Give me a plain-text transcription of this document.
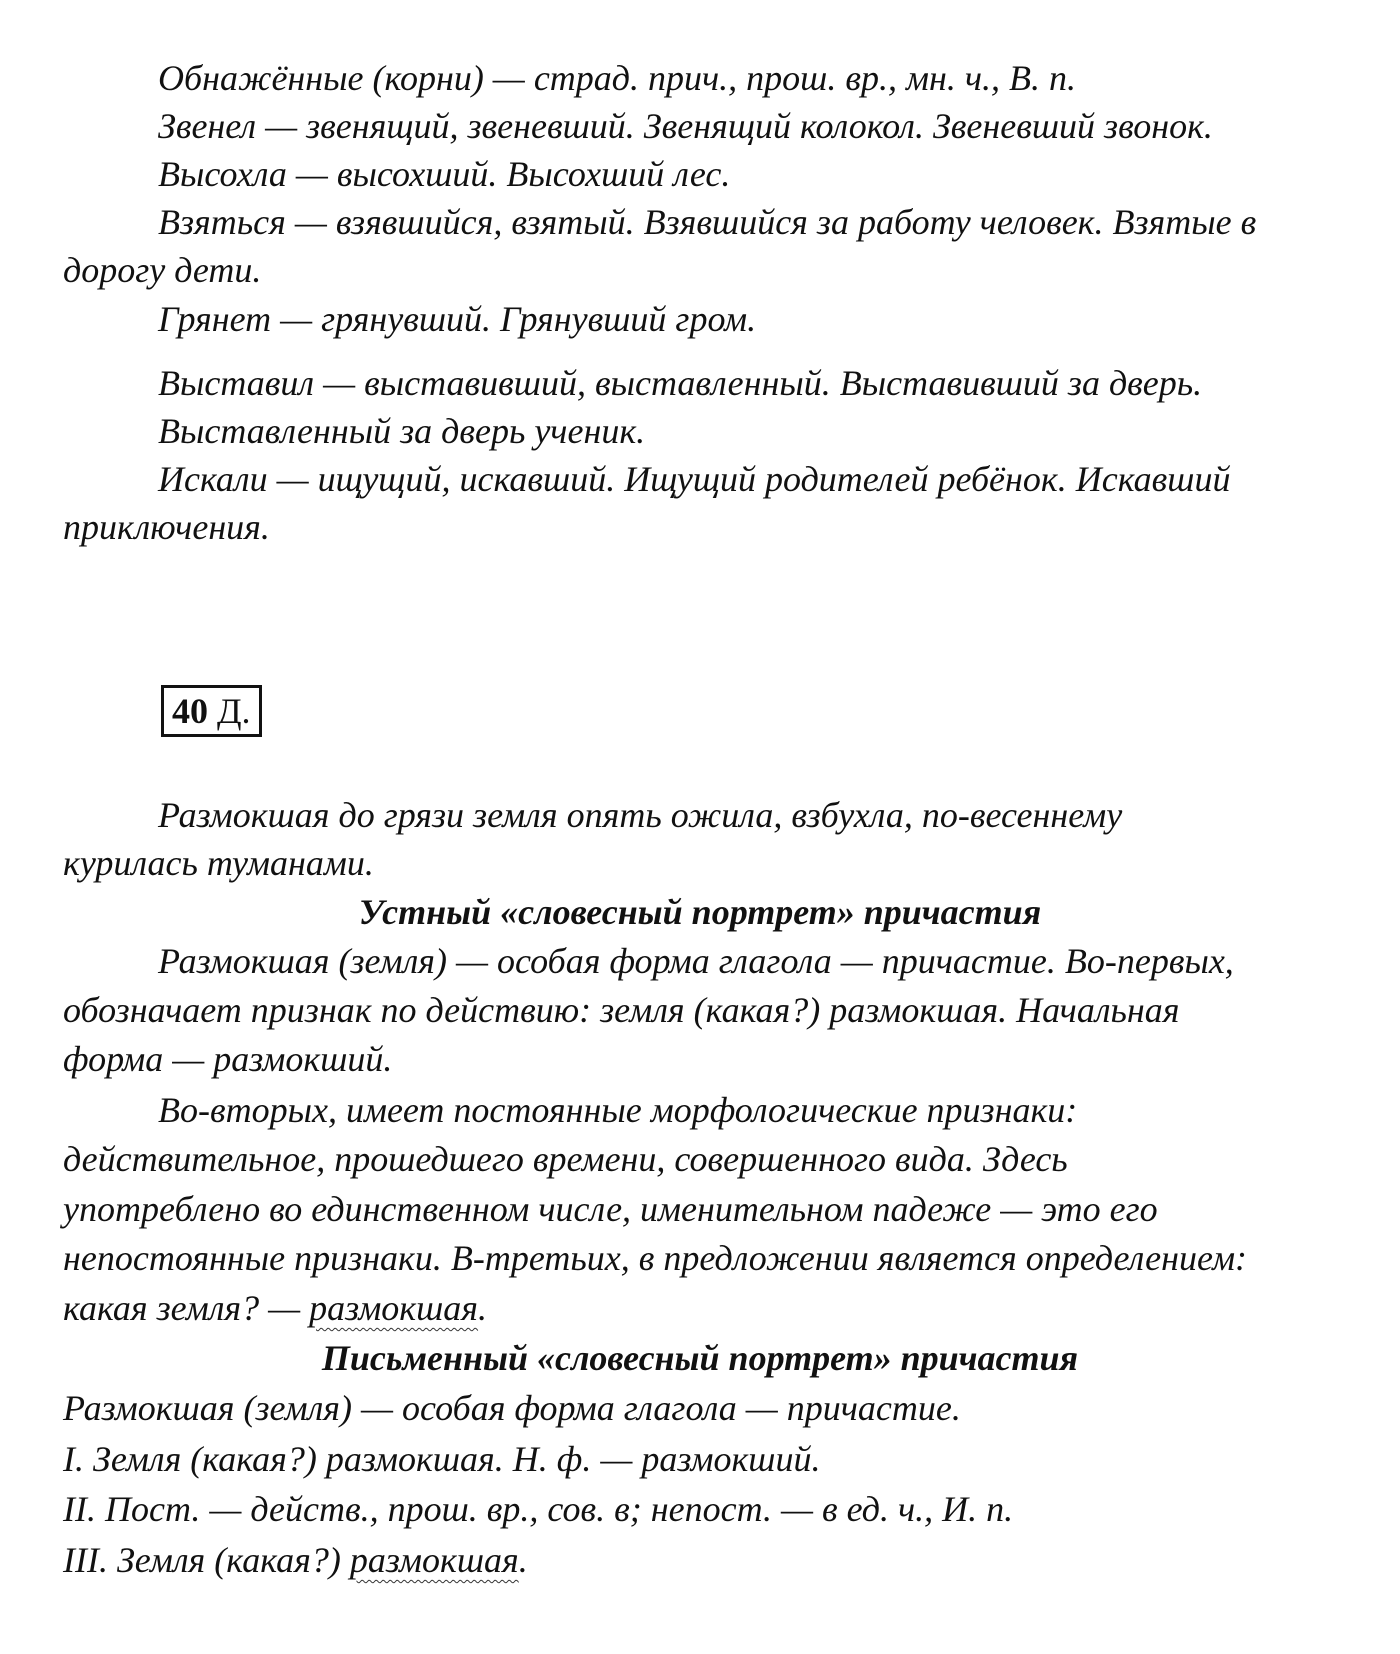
Обнажённые (корни) — страд. прич., прош. вр., мн. ч., В. п.
Звенел — звенящий, звеневший. Звенящий колокол. Звеневший звонок.
Высохла — высохший. Высохший лес.
Взяться — взявшийся, взятый. Взявшийся за работу человек. Взятые в
дорогу дети.
Грянет — грянувший. Грянувший гром.
Выставил — выставивший, выставленный. Выставивший за дверь.
Выставленный за дверь ученик.
Искали — ищущий, искавший. Ищущий родителей ребёнок. Искавший
приключения.
40 Д.
Размокшая до грязи земля опять ожила, взбухла, по-весеннему
курилась туманами.
Устный «словесный портрет» причастия
Размокшая (земля) — особая форма глагола — причастие. Во-первых,
обозначает признак по действию: земля (какая?) размокшая. Начальная
форма — размокший.
Во-вторых, имеет постоянные морфологические признаки:
действительное, прошедшего времени, совершенного вида. Здесь
употреблено во единственном числе, именительном падеже — это его
непостоянные признаки. В-третьих, в предложении является определением:
какая земля? — размокшая.
Письменный «словесный портрет» причастия
Размокшая (земля) — особая форма глагола — причастие.
I. Земля (какая?) размокшая. Н. ф. — размокший.
II. Пост. — действ., прош. вр., сов. в; непост. — в ед. ч., И. п.
III. Земля (какая?) размокшая.
